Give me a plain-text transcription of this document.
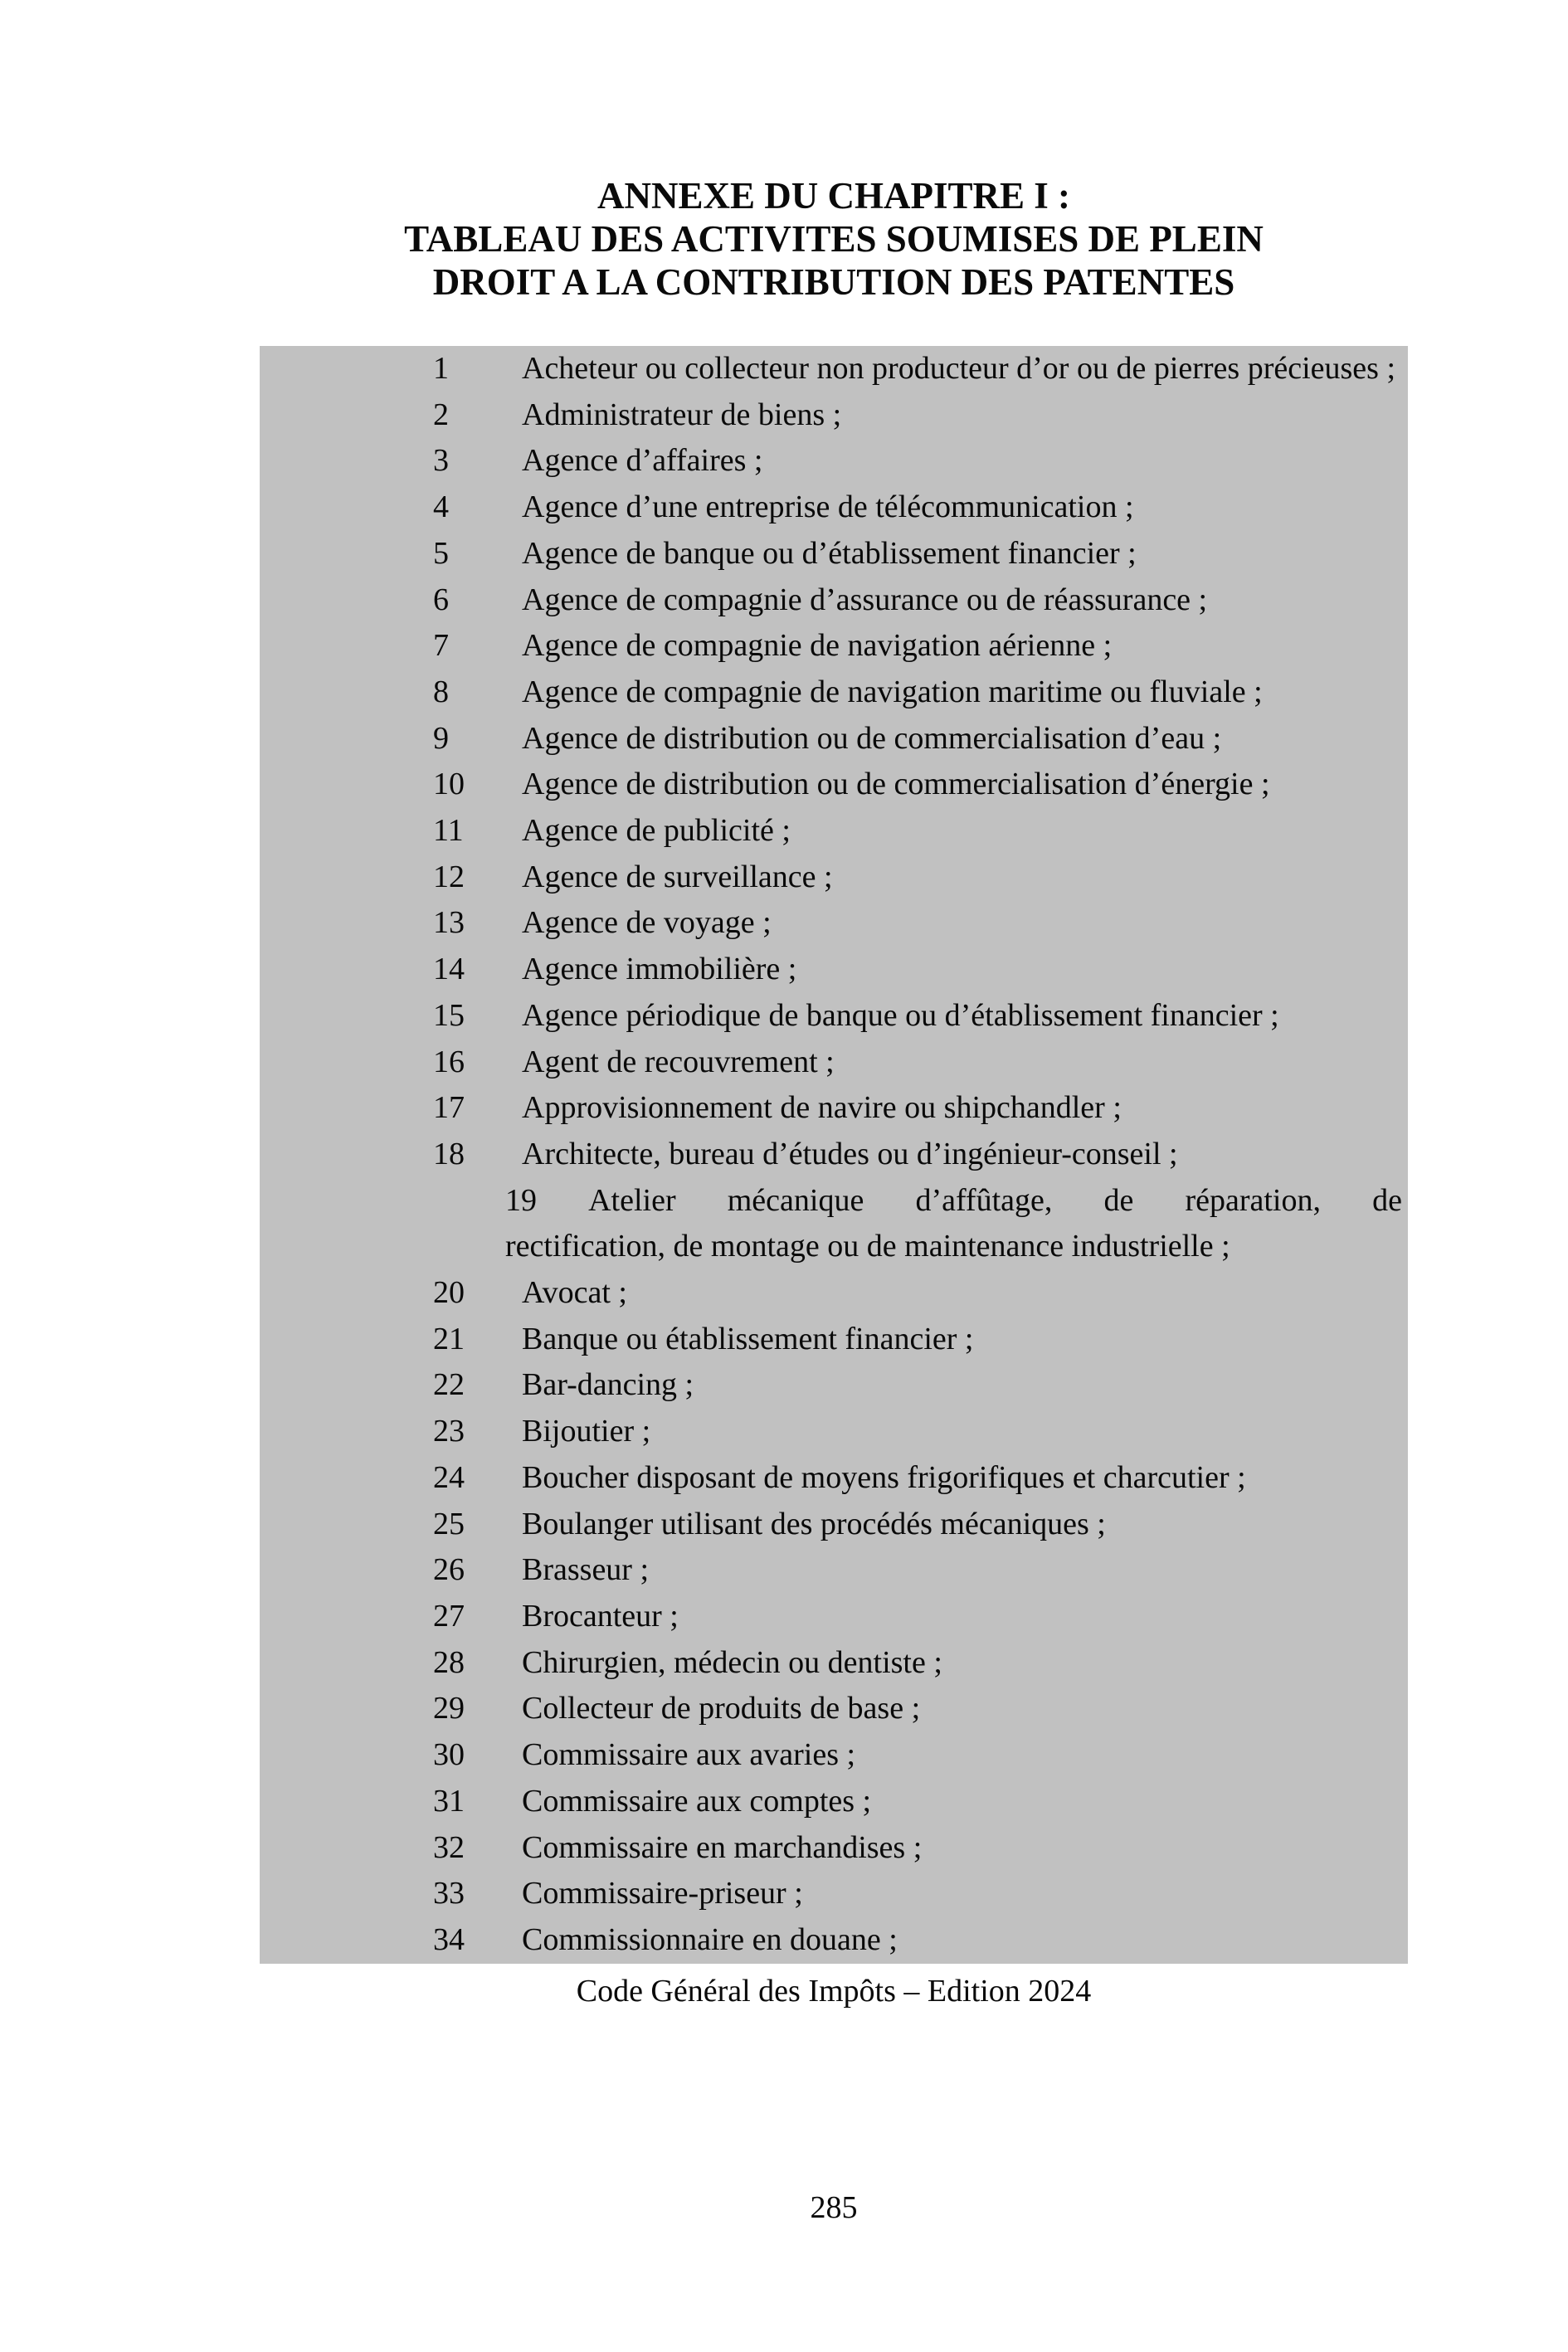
ANNEXE DU CHAPITRE I :
TABLEAU DES ACTIVITES SOUMISES DE PLEIN
DROIT A LA CONTRIBUTION DES PATENTES
1 Acheteur ou collecteur non producteur d’or ou de pierres précieuses ;
2 Administrateur de biens ;
3 Agence d’affaires ;
4 Agence d’une entreprise de télécommunication ;
5 Agence de banque ou d’établissement financier ;
6 Agence de compagnie d’assurance ou de réassurance ;
7 Agence de compagnie de navigation aérienne ;
8 Agence de compagnie de navigation maritime ou fluviale ;
9 Agence de distribution ou de commercialisation d’eau ;
10 Agence de distribution ou de commercialisation d’énergie ;
11 Agence de publicité ;
12 Agence de surveillance ;
13 Agence de voyage ;
14 Agence immobilière ;
15 Agence périodique de banque ou d’établissement financier ;
16 Agent de recouvrement ;
17 Approvisionnement de navire ou shipchandler ;
18 Architecte, bureau d’études ou d’ingénieur-conseil ;
19 Atelier mécanique d’affûtage, de réparation, de
rectification, de montage ou de maintenance industrielle ;
20 Avocat ;
21 Banque ou établissement financier ;
22 Bar-dancing ;
23 Bijoutier ;
24 Boucher disposant de moyens frigorifiques et charcutier ;
25 Boulanger utilisant des procédés mécaniques ;
26 Brasseur ;
27 Brocanteur ;
28 Chirurgien, médecin ou dentiste ;
29 Collecteur de produits de base ;
30 Commissaire aux avaries ;
31 Commissaire aux comptes ;
32 Commissaire en marchandises ;
33 Commissaire-priseur ;
34 Commissionnaire en douane ;
Code Général des Impôts – Edition 2024
285
